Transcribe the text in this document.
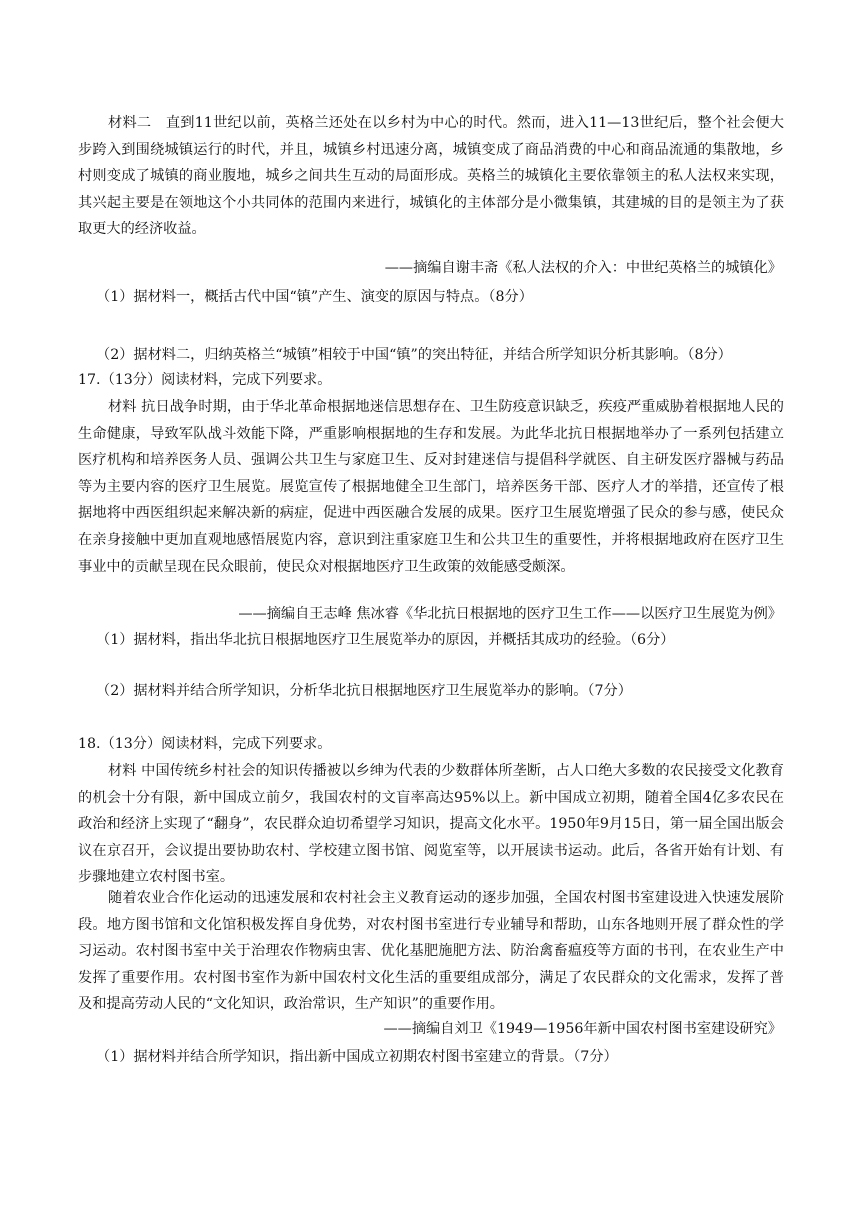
材料二　直到11世纪以前，英格兰还处在以乡村为中心的时代。然而，进入11—13世纪后，整个社会便大步跨入到围绕城镇运行的时代，并且，城镇乡村迅速分离，城镇变成了商品消费的中心和商品流通的集散地，乡村则变成了城镇的商业腹地，城乡之间共生互动的局面形成。英格兰的城镇化主要依靠领主的私人法权来实现，其兴起主要是在领地这个小共同体的范围内来进行，城镇化的主体部分是小微集镇，其建城的目的是领主为了获取更大的经济收益。

——摘编自谢丰斋《私人法权的介入：中世纪英格兰的城镇化》
（1）据材料一，概括古代中国“镇”产生、演变的原因与特点。（8分）
（2）据材料二，归纳英格兰“城镇”相较于中国“镇”的突出特征，并结合所学知识分析其影响。（8分）
17.（13分）阅读材料，完成下列要求。

材料 抗日战争时期，由于华北革命根据地迷信思想存在、卫生防疫意识缺乏，疾疫严重威胁着根据地人民的生命健康，导致军队战斗效能下降，严重影响根据地的生存和发展。为此华北抗日根据地举办了一系列包括建立医疗机构和培养医务人员、强调公共卫生与家庭卫生、反对封建迷信与提倡科学就医、自主研发医疗器械与药品等为主要内容的医疗卫生展览。展览宣传了根据地健全卫生部门，培养医务干部、医疗人才的举措，还宣传了根据地将中西医组织起来解决新的病症，促进中西医融合发展的成果。医疗卫生展览增强了民众的参与感，使民众在亲身接触中更加直观地感悟展览内容，意识到注重家庭卫生和公共卫生的重要性，并将根据地政府在医疗卫生事业中的贡献呈现在民众眼前，使民众对根据地医疗卫生政策的效能感受颇深。

——摘编自王志峰 焦冰睿《华北抗日根据地的医疗卫生工作——以医疗卫生展览为例》
（1）据材料，指出华北抗日根据地医疗卫生展览举办的原因，并概括其成功的经验。（6分）
（2）据材料并结合所学知识，分析华北抗日根据地医疗卫生展览举办的影响。（7分）
18.（13分）阅读材料，完成下列要求。

材料 中国传统乡村社会的知识传播被以乡绅为代表的少数群体所垄断，占人口绝大多数的农民接受文化教育的机会十分有限，新中国成立前夕，我国农村的文盲率高达95%以上。新中国成立初期，随着全国4亿多农民在政治和经济上实现了“翻身”，农民群众迫切希望学习知识，提高文化水平。1950年9月15日，第一届全国出版会议在京召开，会议提出要协助农村、学校建立图书馆、阅览室等，以开展读书运动。此后，各省开始有计划、有步骤地建立农村图书室。

随着农业合作化运动的迅速发展和农村社会主义教育运动的逐步加强，全国农村图书室建设进入快速发展阶段。地方图书馆和文化馆积极发挥自身优势，对农村图书室进行专业辅导和帮助，山东各地则开展了群众性的学习运动。农村图书室中关于治理农作物病虫害、优化基肥施肥方法、防治禽畜瘟疫等方面的书刊，在农业生产中发挥了重要作用。农村图书室作为新中国农村文化生活的重要组成部分，满足了农民群众的文化需求，发挥了普及和提高劳动人民的“文化知识，政治常识，生产知识”的重要作用。

——摘编自刘卫《1949—1956年新中国农村图书室建设研究》
（1）据材料并结合所学知识，指出新中国成立初期农村图书室建立的背景。（7分）
